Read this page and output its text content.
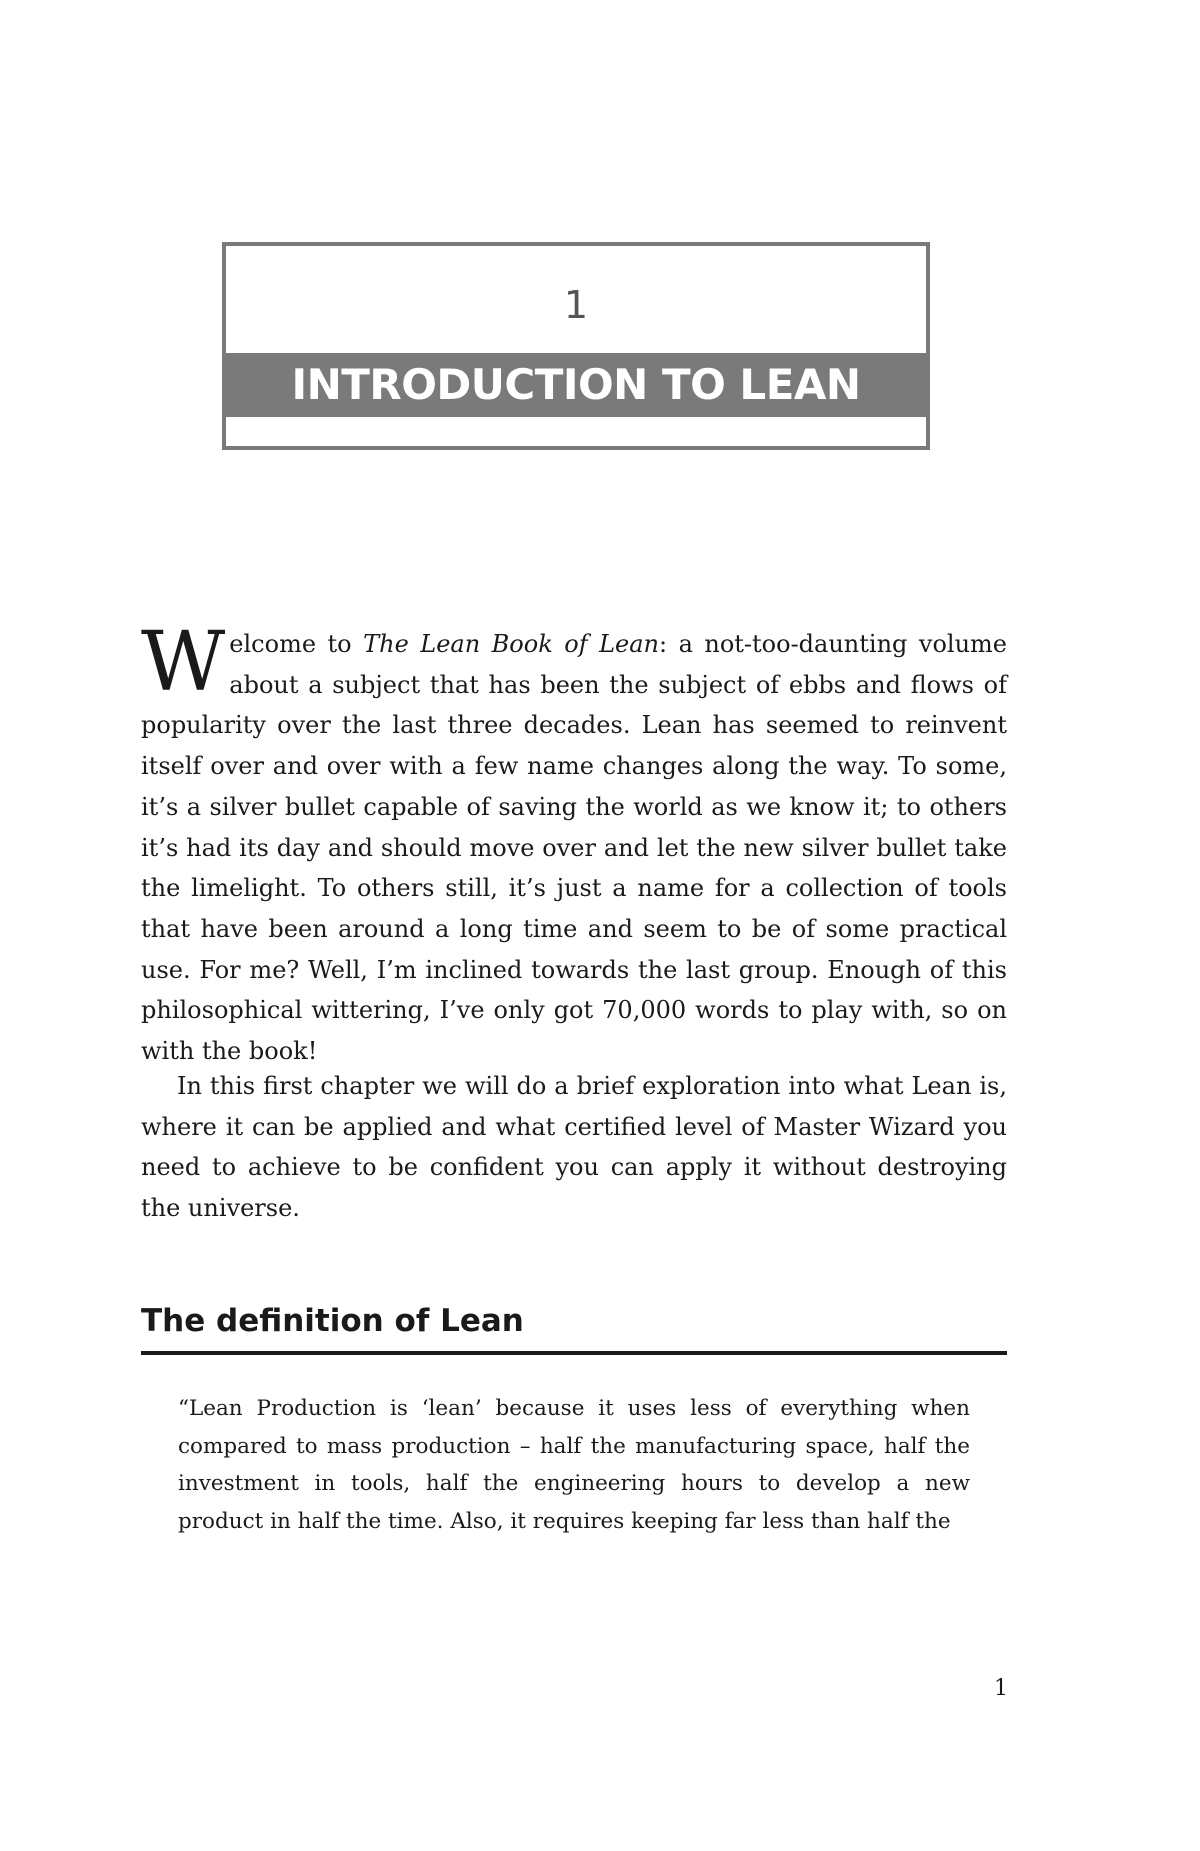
1
INTRODUCTION TO LEAN
Welcome to The Lean Book of Lean: a not-too-daunting volume about a subject that has been the subject of ebbs and flows of popularity over the last three decades. Lean has seemed to reinvent itself over and over with a few name changes along the way. To some, it’s a silver bullet capable of saving the world as we know it; to others it’s had its day and should move over and let the new silver bullet take the limelight. To others still, it’s just a name for a collection of tools that have been around a long time and seem to be of some practical use. For me? Well, I’m inclined towards the last group. Enough of this philosophical wittering, I’ve only got 70,000 words to play with, so on with the book!
In this first chapter we will do a brief exploration into what Lean is, where it can be applied and what certified level of Master Wizard you need to achieve to be confident you can apply it without destroying the universe.
The definition of Lean
“Lean Production is ‘lean’ because it uses less of everything when compared to mass production – half the manufacturing space, half the investment in tools, half the engineering hours to develop a new product in half the time. Also, it requires keeping far less than half the
1
